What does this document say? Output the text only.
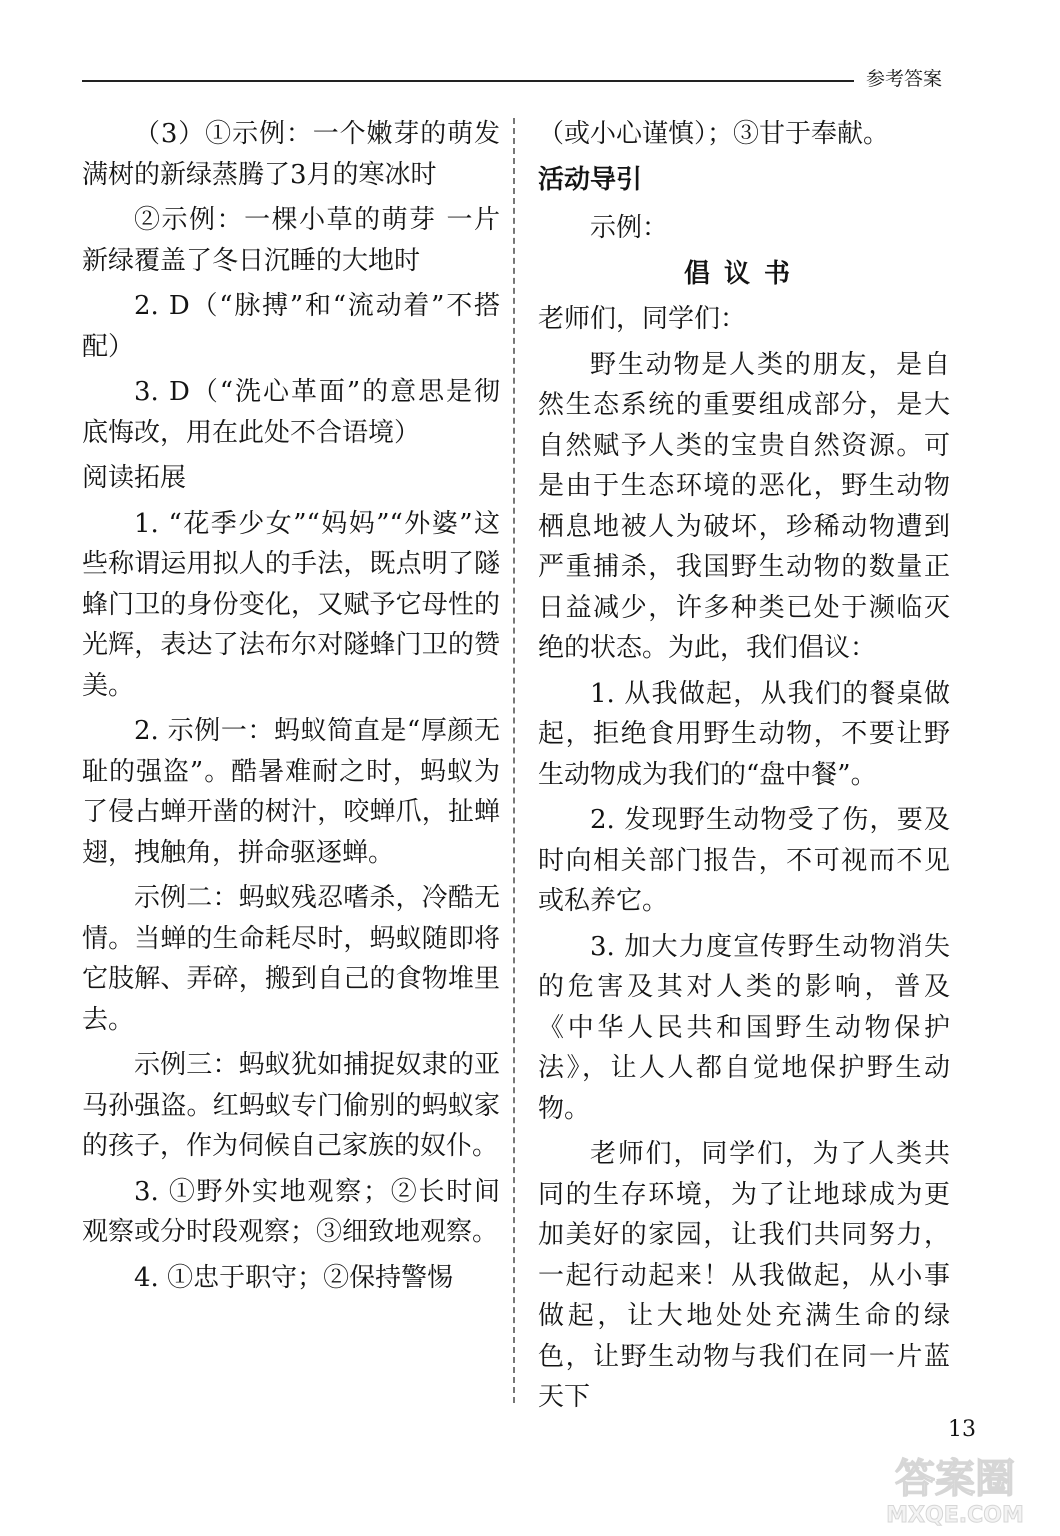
参考答案

（3）①示例：一个嫩芽的萌发 满树的新绿蒸腾了3月的寒冰时

②示例：一棵小草的萌芽 一片新绿覆盖了冬日沉睡的大地时

2. D（“脉搏”和“流动着”不搭配）

3. D（“洗心革面”的意思是彻底悔改，用在此处不合语境）

阅读拓展

1. “花季少女”“妈妈”“外婆”这些称谓运用拟人的手法，既点明了隧蜂门卫的身份变化，又赋予它母性的光辉，表达了法布尔对隧蜂门卫的赞美。

2. 示例一：蚂蚁简直是“厚颜无耻的强盗”。酷暑难耐之时，蚂蚁为了侵占蝉开凿的树汁，咬蝉爪，扯蝉翅，拽触角，拼命驱逐蝉。

示例二：蚂蚁残忍嗜杀，冷酷无情。当蝉的生命耗尽时，蚂蚁随即将它肢解、弄碎，搬到自己的食物堆里去。

示例三：蚂蚁犹如捕捉奴隶的亚马孙强盗。红蚂蚁专门偷别的蚂蚁家的孩子，作为伺候自己家族的奴仆。

3. ①野外实地观察；②长时间观察或分时段观察；③细致地观察。

4. ①忠于职守；②保持警惕

（或小心谨慎）；③甘于奉献。

活动导引

示例：

倡议书

老师们，同学们：

野生动物是人类的朋友，是自然生态系统的重要组成部分，是大自然赋予人类的宝贵自然资源。可是由于生态环境的恶化，野生动物栖息地被人为破坏，珍稀动物遭到严重捕杀，我国野生动物的数量正日益减少，许多种类已处于濒临灭绝的状态。为此，我们倡议：

1. 从我做起，从我们的餐桌做起，拒绝食用野生动物，不要让野生动物成为我们的“盘中餐”。

2. 发现野生动物受了伤，要及时向相关部门报告，不可视而不见或私养它。

3. 加大力度宣传野生动物消失的危害及其对人类的影响，普及《中华人民共和国野生动物保护法》，让人人都自觉地保护野生动物。

老师们，同学们，为了人类共同的生存环境，为了让地球成为更加美好的家园，让我们共同努力，一起行动起来！从我做起，从小事做起，让大地处处充满生命的绿色，让野生动物与我们在同一片蓝天下

13
答案圈
MXQE.COM
